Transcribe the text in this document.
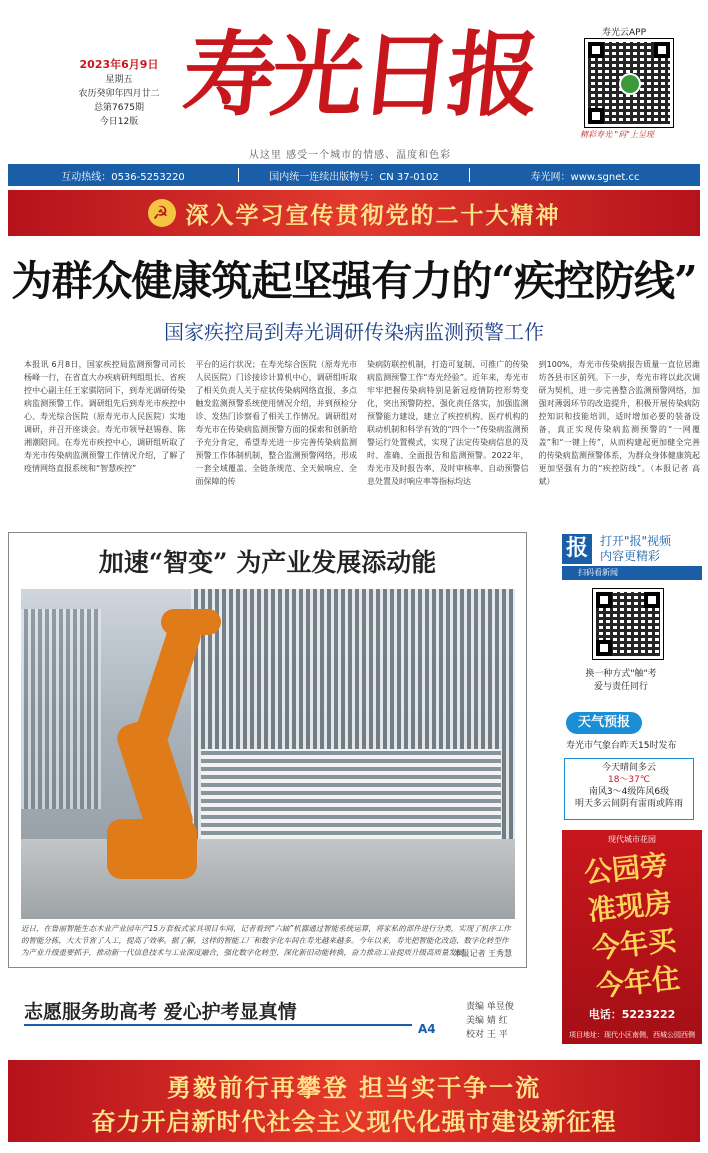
2023年6月9日
星期五
农历癸卯年四月廿二
总第7675期
今日12版 寿光日报
从这里 感受一个城市的情感、温度和色彩
寿光云APP
精彩寿光 "码"上呈现
互动热线：0536-5253220	国内统一连续出版物号：CN 37-0102	寿光网：www.sgnet.cc
☭ 深入学习宣传贯彻党的二十大精神
为群众健康筑起坚强有力的“疾控防线”
国家疾控局到寿光调研传染病监测预警工作
本报讯 6月8日，国家疾控局监测预警司司长杨峰一行，在省直大办疾病研判组组长、省疾控中心副主任王家骐陪同下，到寿光调研传染病监测预警工作。调研组先后到寿光市疾控中心、寿光综合医院（原寿光市人民医院）实地调研，并召开座谈会。寿光市领导赵锡春、陈湘潮陪同。在寿光市疾控中心，调研组听取了寿光市传染病监测预警工作情况介绍，了解了疫情网络直报系统和“智慧疾控”
平台的运行状况；在寿光综合医院（原寿光市人民医院）门诊接诊计算机中心，调研组听取了相关负责人关于症状传染病网络直报、多点触发监测预警系统使用情况介绍，并到预检分诊、发热门诊察看了相关工作情况。调研组对寿光市在传染病监测预警方面的探索和创新给予充分肯定，希望寿光进一步完善传染病监测预警工作体制机制，整合监测预警网络，形成一套全域覆盖、全链条规范、全天候响应、全面保障的传
染病防联控机制，打造可复制、可推广的传染病监测预警工作“寿光经验”。近年来，寿光市牢牢把握传染病特别是新冠疫情防控形势变化，突出预警防控、强化责任落实，加强监测预警能力建设，建立了疾控机构、医疗机构的联动机制和科学有效的“四个一”传染病监测预警运行处置模式，实现了法定传染病信息的及时、准确、全面报告和监测预警。2022年，寿光市及时报告率、及时审核率、自动预警信息处置及时响应率等指标均达
到100%，寿光市传染病报告质量一直位居潍坊各县市区前列。下一步，寿光市将以此次调研为契机，进一步完善整合监测预警网络，加强对薄弱环节的改造提升，积极开展传染病防控知识和技能培训，适时增加必要的装备设备，真正实现传染病监测预警的“一网覆盖”和“一键上传”，从而构建起更加健全完善的传染病监测预警体系，为群众身体健康筑起更加坚强有力的“疾控防线”。（本报记者 高斌）
加速“智变” 为产业发展添动能
近日，在鲁丽智能生态木业产业园年产15万套板式家具项目车间，记者看到“六轴”机器通过智能系统运算，将家私的部件进行分类，实现了机序工作的智能分拣，大大节省了人工，提高了效率。据了解，这样的智能工厂和数字化车间在寿光越来越多。今年以来，寿光把智能化改造、数字化转型作为产业升级重要抓手，推动新一代信息技术与工业深度融合，强化数字化转型、深化新旧动能转换，奋力推动工业提质升级高质量发展。
本报记者 王秀慧
志愿服务助高考 爱心护考显真情
A4
责编 单昱俊
美编 婧 红
校对 王 平
报	打开"报"视频
内容更精彩
扫码看新闻
换一种方式"触"考
爱与责任同行
天气预报
寿光市气象台昨天15时发布
今天晴间多云
18～37℃
南风3～4级阵风6级
明天多云间阴有雷雨或阵雨
现代城市花园
公园旁
准现房
今年买
今年住
电话：5223222
项目地址：现代小区南侧，西城公园西侧
勇毅前行再攀登 担当实干争一流
奋力开启新时代社会主义现代化强市建设新征程
